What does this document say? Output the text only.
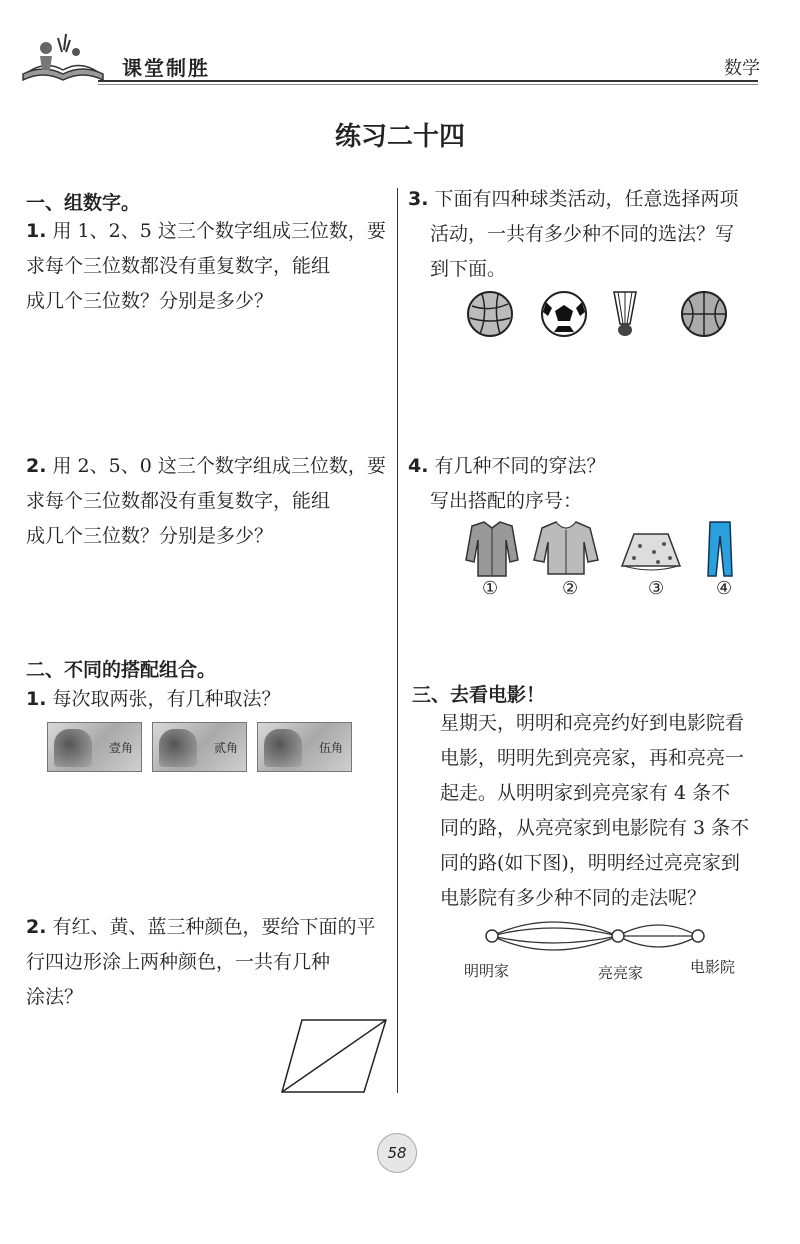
课堂制胜	数学
练习二十四
一、组数字。
1. 用 1、2、5 这三个数字组成三位数，要
求每个三位数都没有重复数字，能组
成几个三位数？分别是多少？
2. 用 2、5、0 这三个数字组成三位数，要
求每个三位数都没有重复数字，能组
成几个三位数？分别是多少？
二、不同的搭配组合。
1. 每次取两张，有几种取法？
壹角	贰角	伍角
2. 有红、黄、蓝三种颜色，要给下面的平
行四边形涂上两种颜色，一共有几种
涂法？
3. 下面有四种球类活动，任意选择两项
活动，一共有多少种不同的选法？写
到下面。
4. 有几种不同的穿法？
写出搭配的序号：
①	②	③	④
三、去看电影！
星期天，明明和亮亮约好到电影院看
电影，明明先到亮亮家，再和亮亮一
起走。从明明家到亮亮家有 4 条不
同的路，从亮亮家到电影院有 3 条不
同的路(如下图)，明明经过亮亮家到
电影院有多少种不同的走法呢？
明明家	亮亮家	电影院
58
